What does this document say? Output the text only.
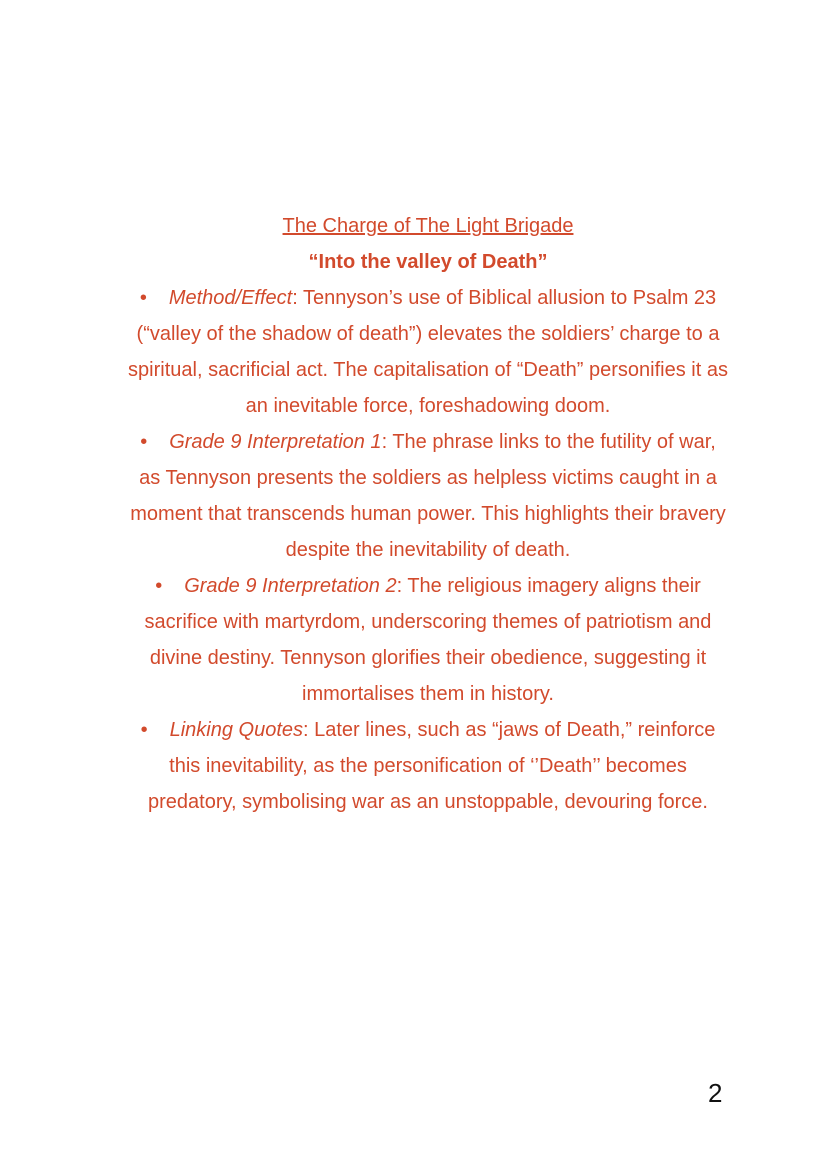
The Charge of The Light Brigade
“Into the valley of Death”

• Method/Effect: Tennyson’s use of Biblical allusion to Psalm 23 (“valley of the shadow of death”) elevates the soldiers’ charge to a spiritual, sacrificial act. The capitalisation of “Death” personifies it as an inevitable force, foreshadowing doom.

• Grade 9 Interpretation 1: The phrase links to the futility of war, as Tennyson presents the soldiers as helpless victims caught in a moment that transcends human power. This highlights their bravery despite the inevitability of death.

• Grade 9 Interpretation 2: The religious imagery aligns their sacrifice with martyrdom, underscoring themes of patriotism and divine destiny. Tennyson glorifies their obedience, suggesting it immortalises them in history.

• Linking Quotes: Later lines, such as “jaws of Death,” reinforce this inevitability, as the personification of ‘’Death’’ becomes predatory, symbolising war as an unstoppable, devouring force.

2
